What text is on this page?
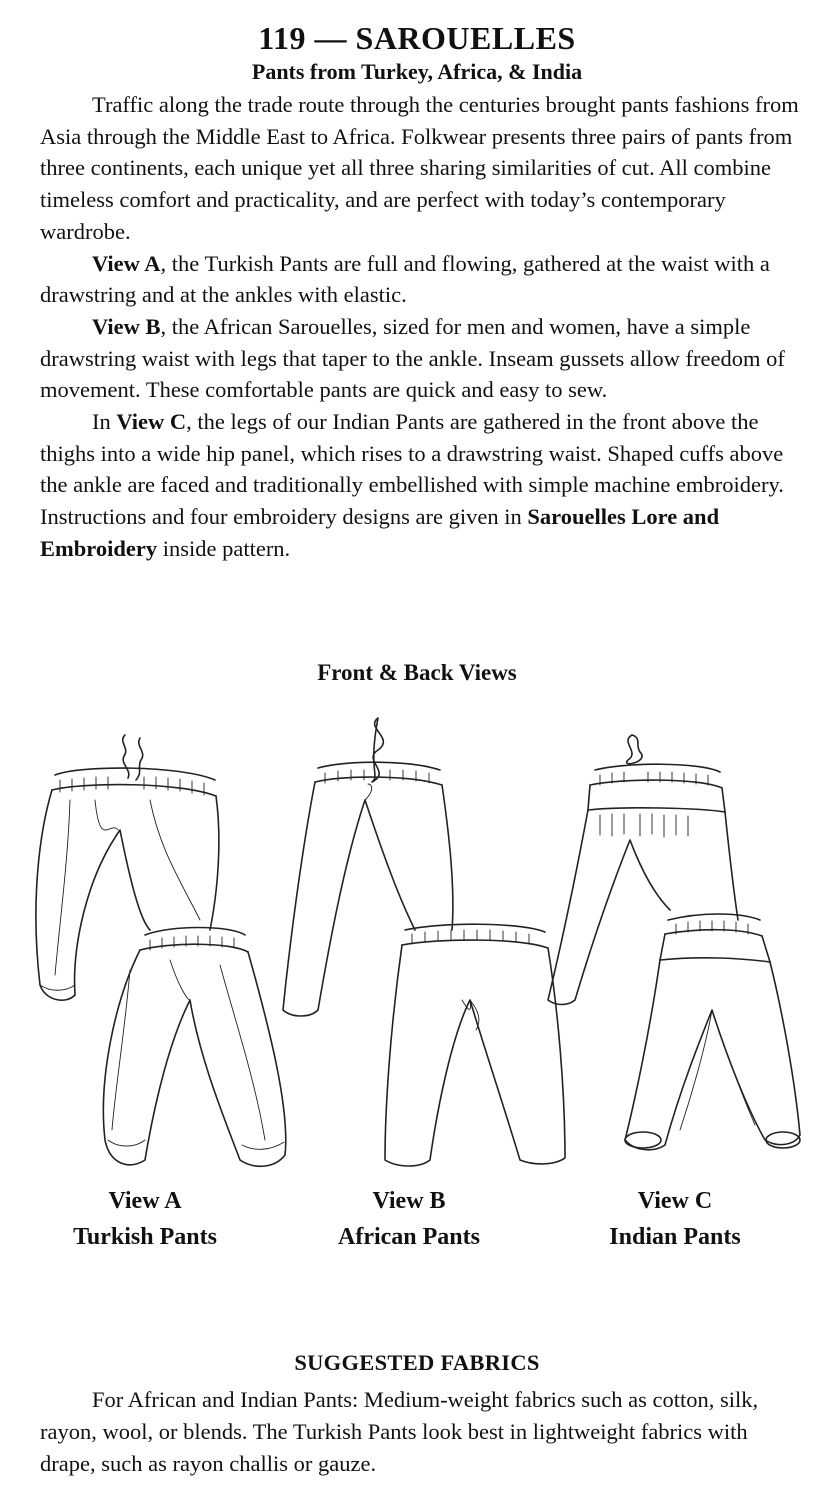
119 — SAROUELLES
Pants from Turkey, Africa, & India

Traffic along the trade route through the centuries brought pants fashions from Asia through the Middle East to Africa. Folkwear presents three pairs of pants from three continents, each unique yet all three sharing similarities of cut. All combine timeless comfort and practicality, and are perfect with today’s contemporary wardrobe.

View A, the Turkish Pants are full and flowing, gathered at the waist with a drawstring and at the ankles with elastic.

View B, the African Sarouelles, sized for men and women, have a simple drawstring waist with legs that taper to the ankle. Inseam gussets allow freedom of movement. These comfortable pants are quick and easy to sew.

In View C, the legs of our Indian Pants are gathered in the front above the thighs into a wide hip panel, which rises to a drawstring waist. Shaped cuffs above the ankle are faced and traditionally embellished with simple machine embroidery. Instructions and four embroidery designs are given in Sarouelles Lore and Embroidery inside pattern.

Front & Back Views
View A
Turkish Pants
View B
African Pants
View C
Indian Pants
SUGGESTED FABRICS

For African and Indian Pants: Medium-weight fabrics such as cotton, silk, rayon, wool, or blends. The Turkish Pants look best in lightweight fabrics with drape, such as rayon challis or gauze.
